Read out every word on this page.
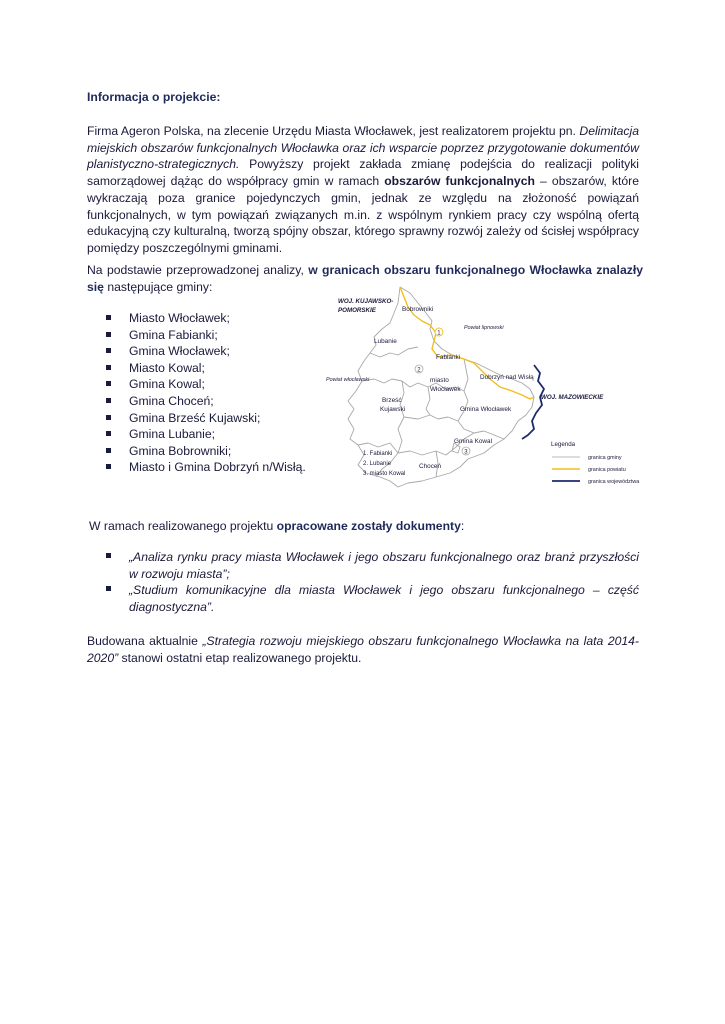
Informacja o projekcie:

Firma Ageron Polska, na zlecenie Urzędu Miasta Włocławek, jest realizatorem projektu pn. Delimitacja miejskich obszarów funkcjonalnych Włocławka oraz ich wsparcie poprzez przygotowanie dokumentów planistyczno-strategicznych. Powyższy projekt zakłada zmianę podejścia do realizacji polityki samorządowej dążąc do współpracy gmin w ramach obszarów funkcjonalnych – obszarów, które wykraczają poza granice pojedynczych gmin, jednak ze względu na złożoność powiązań funkcjonalnych, w tym powiązań związanych m.in. z wspólnym rynkiem pracy czy wspólną ofertą edukacyjną czy kulturalną, tworzą spójny obszar, którego sprawny rozwój zależy od ścisłej współpracy pomiędzy poszczególnymi gminami.

Na podstawie przeprowadzonej analizy, w granicach obszaru funkcjonalnego Włocławka znalazły się następujące gminy:

Miasto Włocławek;
Gmina Fabianki;
Gmina Włocławek;
Miasto Kowal;
Gmina Kowal;
Gmina Choceń;
Gmina Brześć Kujawski;
Gmina Lubanie;
Gmina Bobrowniki;
Miasto i Gmina Dobrzyń n/Wisłą.
WOJ. KUJAWSKO-
POMORSKIE
WOJ. MAZOWIECKIE
Powiat lipnowski
Powiat włocławski
Bobrowniki
Lubanie
Fabianki
miasto
Włocławek
Dobrzyń nad Wisłą
Brześć
Kujawski	Gmina Włocławek
Gmina Kowal
Choceń
1
2
3
1. Fabianki
2. Lubanie
3. miasto Kowal
Legenda
granica gminy
granica powiatu
granica województwa

W ramach realizowanego projektu opracowane zostały dokumenty:

„Analiza rynku pracy miasta Włocławek i jego obszaru funkcjonalnego oraz branż przyszłości w rozwoju miasta”;
„Studium komunikacyjne dla miasta Włocławek i jego obszaru funkcjonalnego – część diagnostyczna”.

Budowana aktualnie „Strategia rozwoju miejskiego obszaru funkcjonalnego Włocławka na lata 2014-2020” stanowi ostatni etap realizowanego projektu.
